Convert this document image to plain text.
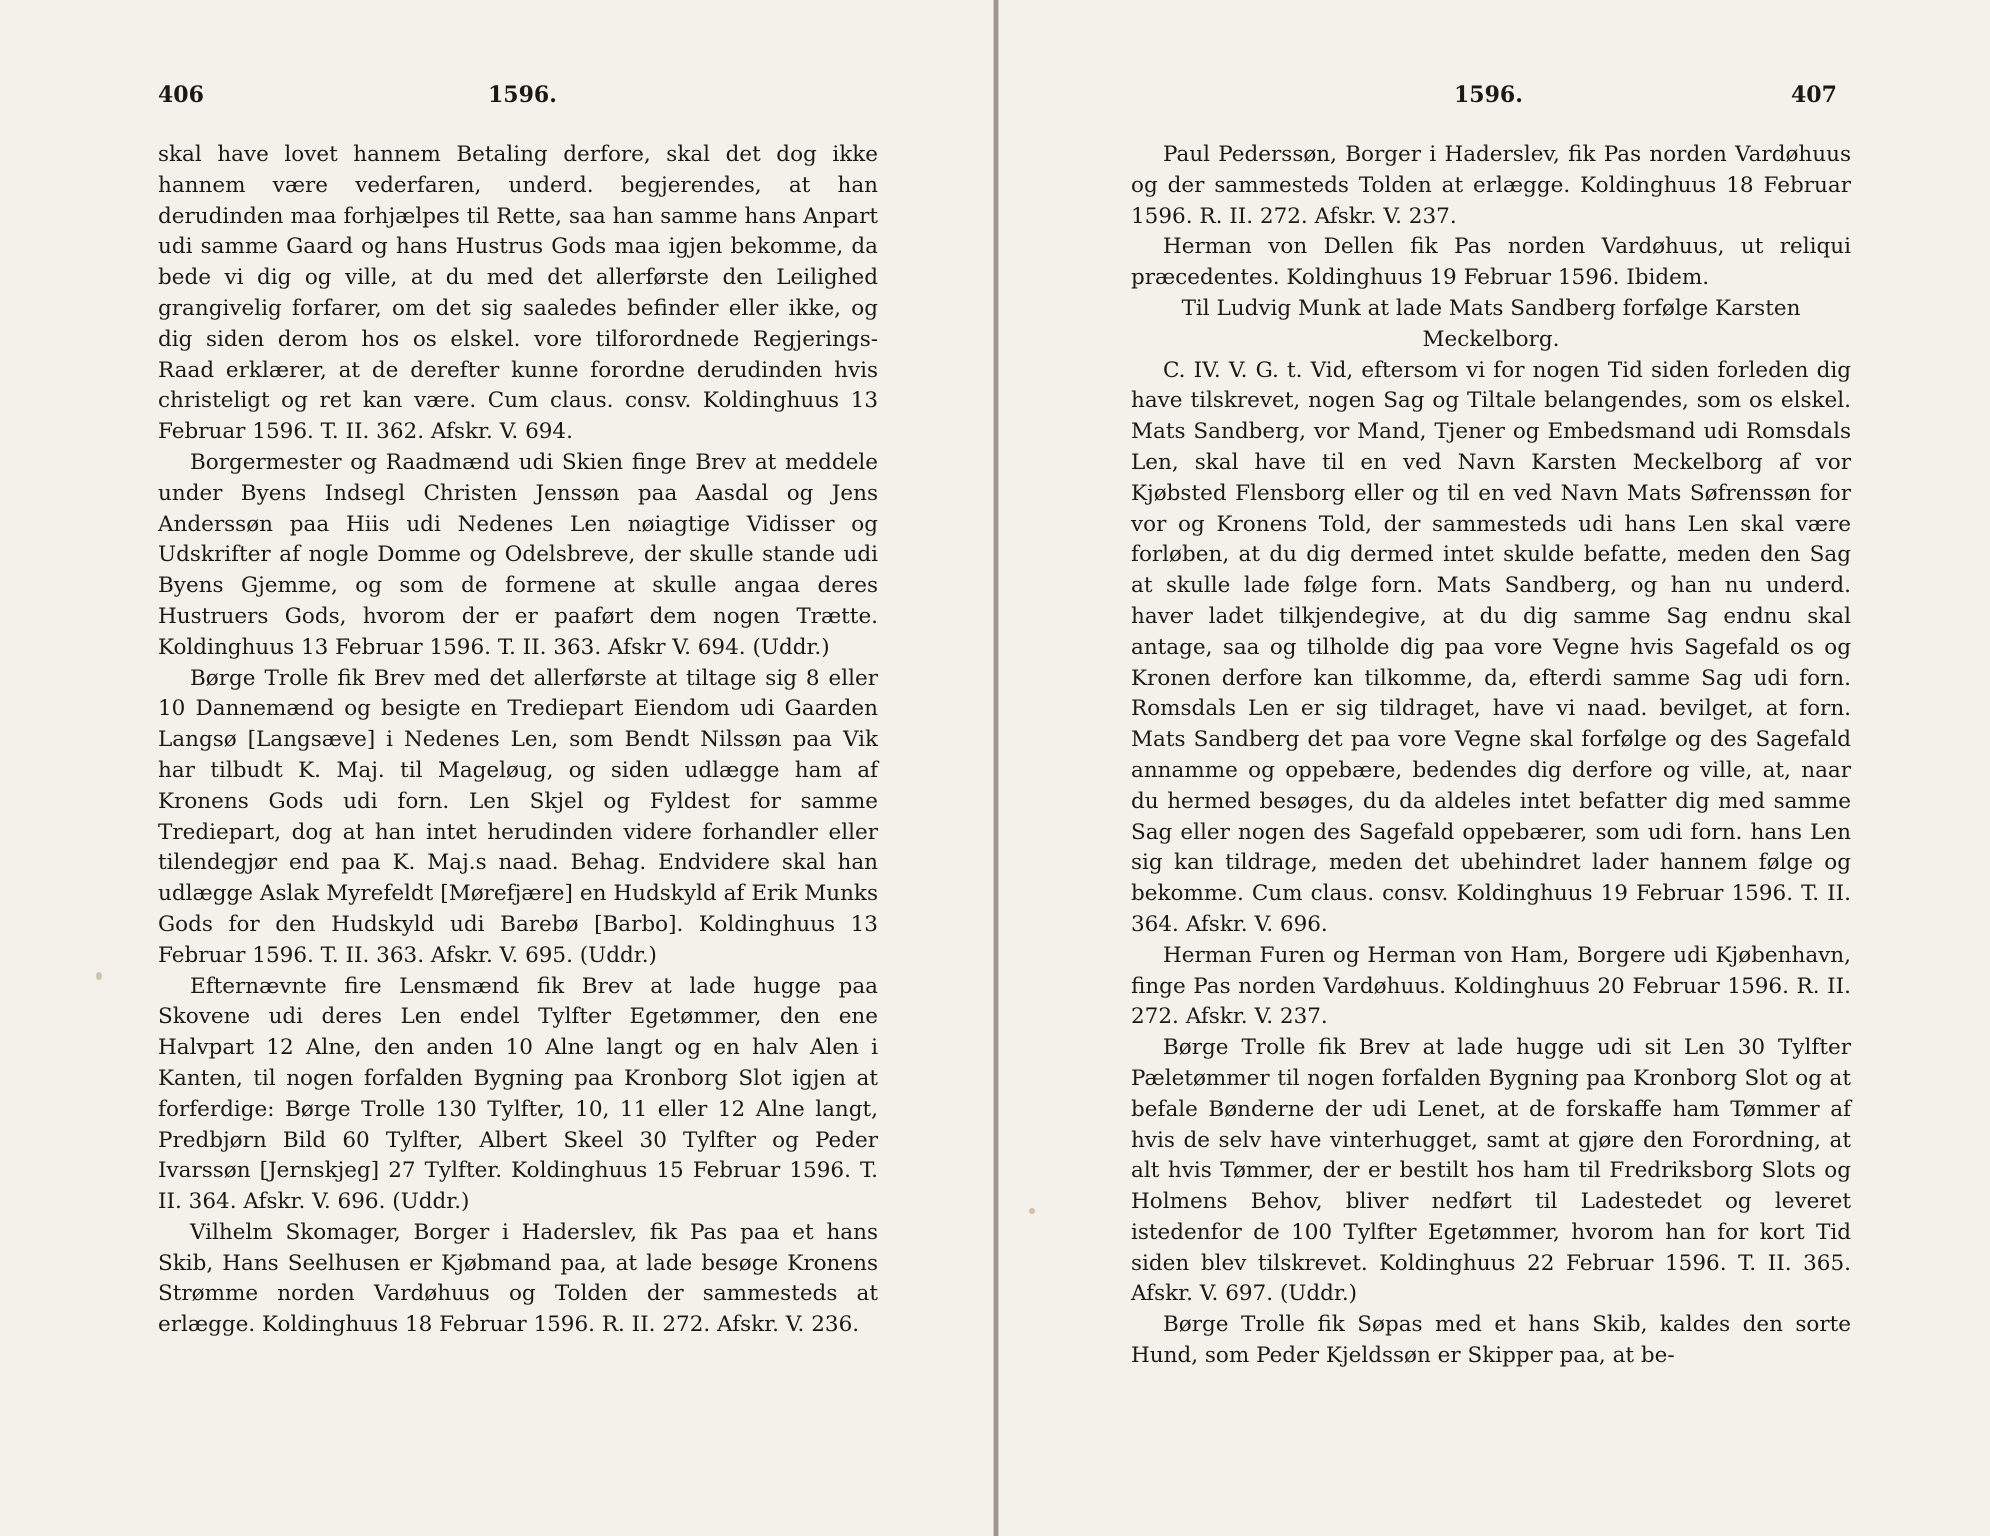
406	1596.

skal have lovet hannem Betaling derfore, skal det dog ikke hannem være vederfaren, underd. begjerendes, at han derudinden maa forhjælpes til Rette, saa han samme hans Anpart udi samme Gaard og hans Hustrus Gods maa igjen bekomme, da bede vi dig og ville, at du med det allerførste den Leilighed grangivelig forfarer, om det sig saaledes befinder eller ikke, og dig siden derom hos os elskel. vore tilforordnede Regjerings-Raad erklærer, at de derefter kunne forordne derudinden hvis christeligt og ret kan være. Cum claus. consv. Koldinghuus 13 Februar 1596. T. II. 362. Afskr. V. 694.

Borgermester og Raadmænd udi Skien finge Brev at meddele under Byens Indsegl Christen Jenssøn paa Aasdal og Jens Anderssøn paa Hiis udi Nedenes Len nøiagtige Vidisser og Udskrifter af nogle Domme og Odelsbreve, der skulle stande udi Byens Gjemme, og som de formene at skulle angaa deres Hustruers Gods, hvorom der er paaført dem nogen Trætte. Koldinghuus 13 Februar 1596. T. II. 363. Afskr V. 694. (Uddr.)

Børge Trolle fik Brev med det allerførste at tiltage sig 8 eller 10 Dannemænd og besigte en Trediepart Eiendom udi Gaarden Langsø [Langsæve] i Nedenes Len, som Bendt Nilssøn paa Vik har tilbudt K. Maj. til Mageløug, og siden udlægge ham af Kronens Gods udi forn. Len Skjel og Fyldest for samme Trediepart, dog at han intet herudinden videre forhandler eller tilendegjør end paa K. Maj.s naad. Behag. Endvidere skal han udlægge Aslak Myrefeldt [Mørefjære] en Hudskyld af Erik Munks Gods for den Hudskyld udi Barebø [Barbo]. Koldinghuus 13 Februar 1596. T. II. 363. Afskr. V. 695. (Uddr.)

Efternævnte fire Lensmænd fik Brev at lade hugge paa Skovene udi deres Len endel Tylfter Egetømmer, den ene Halvpart 12 Alne, den anden 10 Alne langt og en halv Alen i Kanten, til nogen forfalden Bygning paa Kronborg Slot igjen at forferdige: Børge Trolle 130 Tylfter, 10, 11 eller 12 Alne langt, Predbjørn Bild 60 Tylfter, Albert Skeel 30 Tylfter og Peder Ivarssøn [Jernskjeg] 27 Tylfter. Koldinghuus 15 Februar 1596. T. II. 364. Afskr. V. 696. (Uddr.)

Vilhelm Skomager, Borger i Haderslev, fik Pas paa et hans Skib, Hans Seelhusen er Kjøbmand paa, at lade besøge Kronens Strømme norden Vardøhuus og Tolden der sammesteds at erlægge. Koldinghuus 18 Februar 1596. R. II. 272. Afskr. V. 236.

1596.	407

Paul Pederssøn, Borger i Haderslev, fik Pas norden Vardøhuus og der sammesteds Tolden at erlægge. Koldinghuus 18 Februar 1596. R. II. 272. Afskr. V. 237.

Herman von Dellen fik Pas norden Vardøhuus, ut reliqui præcedentes. Koldinghuus 19 Februar 1596. Ibidem.

Til Ludvig Munk at lade Mats Sandberg forfølge Karsten Meckelborg.

C. IV. V. G. t. Vid, eftersom vi for nogen Tid siden forleden dig have tilskrevet, nogen Sag og Tiltale belangendes, som os elskel. Mats Sandberg, vor Mand, Tjener og Embedsmand udi Romsdals Len, skal have til en ved Navn Karsten Meckelborg af vor Kjøbsted Flensborg eller og til en ved Navn Mats Søfrenssøn for vor og Kronens Told, der sammesteds udi hans Len skal være forløben, at du dig dermed intet skulde befatte, meden den Sag at skulle lade følge forn. Mats Sandberg, og han nu underd. haver ladet tilkjendegive, at du dig samme Sag endnu skal antage, saa og tilholde dig paa vore Vegne hvis Sagefald os og Kronen derfore kan tilkomme, da, efterdi samme Sag udi forn. Romsdals Len er sig tildraget, have vi naad. bevilget, at forn. Mats Sandberg det paa vore Vegne skal forfølge og des Sagefald annamme og oppebære, bedendes dig derfore og ville, at, naar du hermed besøges, du da aldeles intet befatter dig med samme Sag eller nogen des Sagefald oppebærer, som udi forn. hans Len sig kan tildrage, meden det ubehindret lader hannem følge og bekomme. Cum claus. consv. Koldinghuus 19 Februar 1596. T. II. 364. Afskr. V. 696.

Herman Furen og Herman von Ham, Borgere udi Kjøbenhavn, finge Pas norden Vardøhuus. Koldinghuus 20 Februar 1596. R. II. 272. Afskr. V. 237.

Børge Trolle fik Brev at lade hugge udi sit Len 30 Tylfter Pæletømmer til nogen forfalden Bygning paa Kronborg Slot og at befale Bønderne der udi Lenet, at de forskaffe ham Tømmer af hvis de selv have vinterhugget, samt at gjøre den Forordning, at alt hvis Tømmer, der er bestilt hos ham til Fredriksborg Slots og Holmens Behov, bliver nedført til Ladestedet og leveret istedenfor de 100 Tylfter Egetømmer, hvorom han for kort Tid siden blev tilskrevet. Koldinghuus 22 Februar 1596. T. II. 365. Afskr. V. 697. (Uddr.)

Børge Trolle fik Søpas med et hans Skib, kaldes den sorte Hund, som Peder Kjeldssøn er Skipper paa, at be-
